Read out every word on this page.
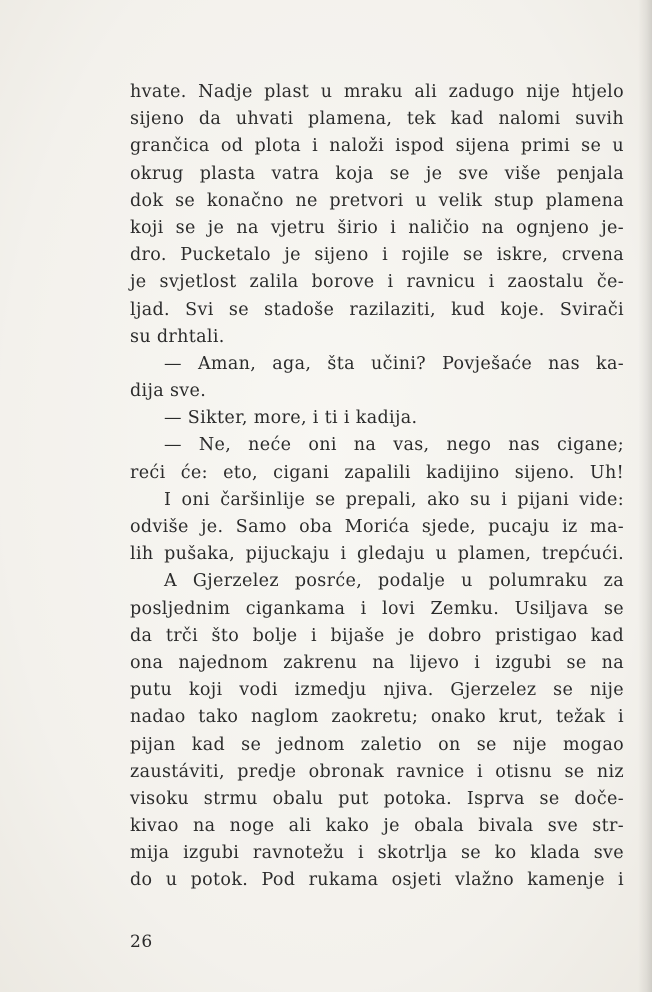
hvate. Nadje plast u mraku ali zadugo nije htjelo
sijeno da uhvati plamena, tek kad nalomi suvih
grančica od plota i naloži ispod sijena primi se u
okrug plasta vatra koja se je sve više penjala
dok se konačno ne pretvori u velik stup plamena
koji se je na vjetru širio i naličio na ognjeno je-
dro. Pucketalo je sijeno i rojile se iskre, crvena
je svjetlost zalila borove i ravnicu i zaostalu če-
ljad. Svi se stadoše razilaziti, kud koje. Svirači
su drhtali.
— Aman, aga, šta učini? Povješaće nas ka-
dija sve.
— Sikter, more, i ti i kadija.
— Ne, neće oni na vas, nego nas cigane;
reći će: eto, cigani zapalili kadijino sijeno. Uh!
I oni čaršinlije se prepali, ako su i pijani vide:
odviše je. Samo oba Morića sjede, pucaju iz ma-
lih pušaka, pijuckaju i gledaju u plamen, trepćući.
A Gjerzelez posrće, podalje u polumraku za
posljednim cigankama i lovi Zemku. Usiljava se
da trči što bolje i bijaše je dobro pristigao kad
ona najednom zakrenu na lijevo i izgubi se na
putu koji vodi izmedju njiva. Gjerzelez se nije
nadao tako naglom zaokretu; onako krut, težak i
pijan kad se jednom zaletio on se nije mogao
zaustáviti, predje obronak ravnice i otisnu se niz
visoku strmu obalu put potoka. Isprva se doče-
kivao na noge ali kako je obala bivala sve str-
mija izgubi ravnotežu i skotrlja se ko klada sve
do u potok. Pod rukama osjeti vlažno kamenje i
26
